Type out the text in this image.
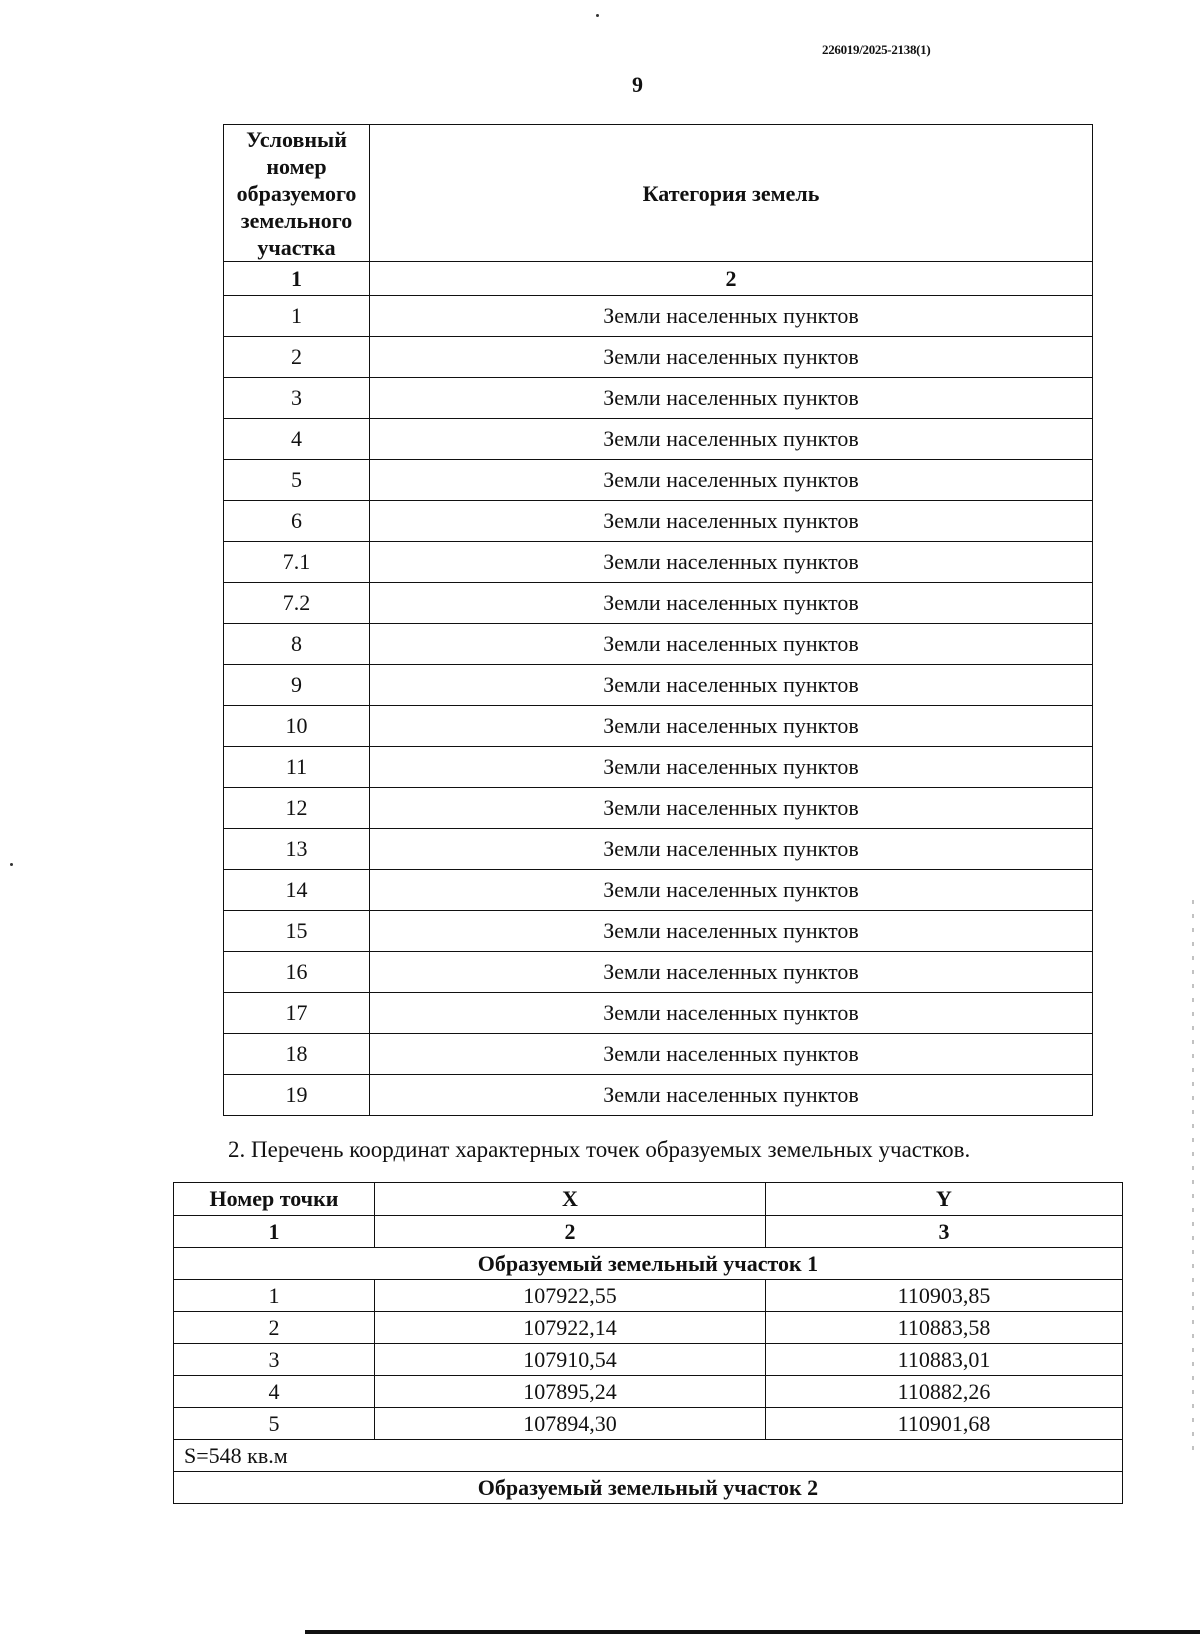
226019/2025-2138(1)
9
Условный номер образуемого земельного участка	Категория земель
1	2
1	Земли населенных пунктов
2	Земли населенных пунктов
3	Земли населенных пунктов
4	Земли населенных пунктов
5	Земли населенных пунктов
6	Земли населенных пунктов
7.1	Земли населенных пунктов
7.2	Земли населенных пунктов
8	Земли населенных пунктов
9	Земли населенных пунктов
10	Земли населенных пунктов
11	Земли населенных пунктов
12	Земли населенных пунктов
13	Земли населенных пунктов
14	Земли населенных пунктов
15	Земли населенных пунктов
16	Земли населенных пунктов
17	Земли населенных пунктов
18	Земли населенных пунктов
19	Земли населенных пунктов
2. Перечень координат характерных точек образуемых земельных участков.
Номер точки	X	Y
1	2	3
Образуемый земельный участок 1		
1	107922,55	110903,85
2	107922,14	110883,58
3	107910,54	110883,01
4	107895,24	110882,26
5	107894,30	110901,68
S=548 кв.м		
Образуемый земельный участок 2		
